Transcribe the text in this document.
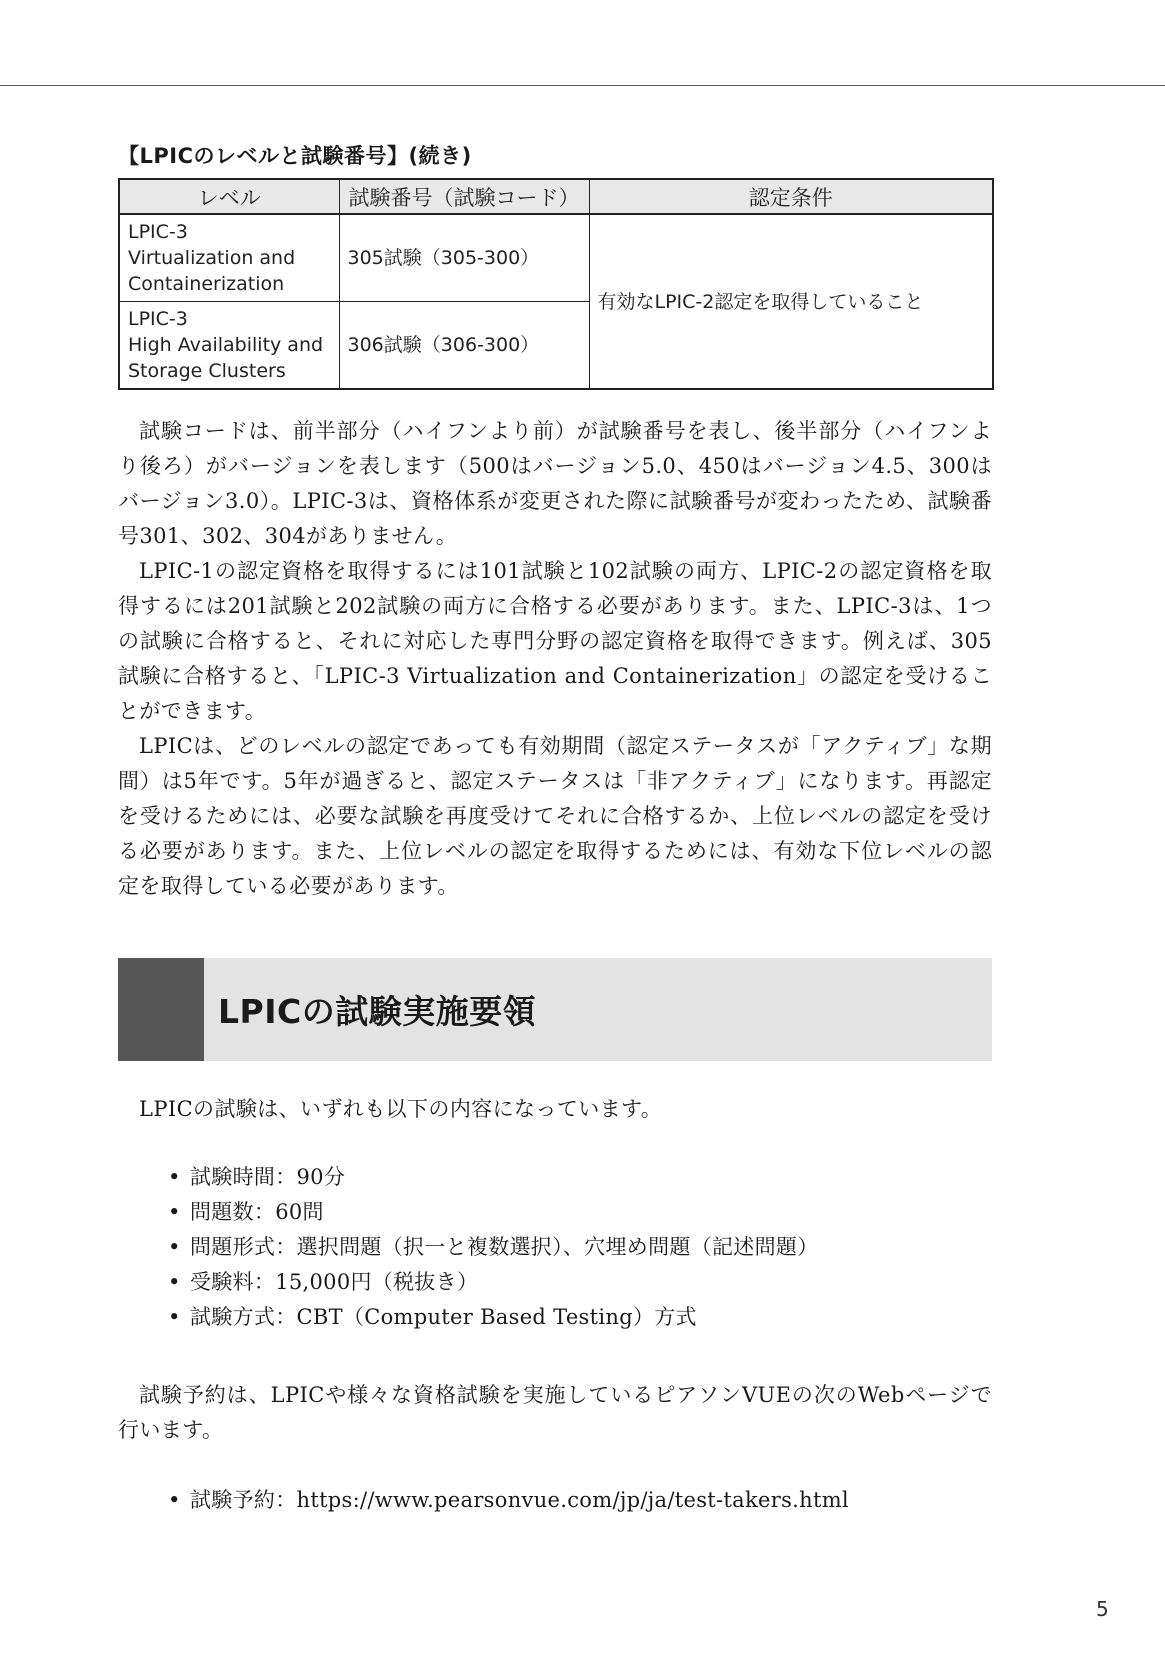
【LPICのレベルと試験番号】(続き)
レベル	試験番号（試験コード）	認定条件

LPIC-3
Virtualization and
Containerization	305試験（305-300）	有効なLPIC-2認定を取得していること

LPIC-3
High Availability and
Storage Clusters	306試験（306-300）	

試験コードは、前半部分（ハイフンより前）が試験番号を表し、後半部分（ハイフンより後ろ）がバージョンを表します（500はバージョン5.0、450はバージョン4.5、300はバージョン3.0）。LPIC-3は、資格体系が変更された際に試験番号が変わったため、試験番号301、302、304がありません。

LPIC-1の認定資格を取得するには101試験と102試験の両方、LPIC-2の認定資格を取得するには201試験と202試験の両方に合格する必要があります。また、LPIC-3は、1つの試験に合格すると、それに対応した専門分野の認定資格を取得できます。例えば、305試験に合格すると、「LPIC-3 Virtualization and Containerization」の認定を受けることができます。

LPICは、どのレベルの認定であっても有効期間（認定ステータスが「アクティブ」な期間）は5年です。5年が過ぎると、認定ステータスは「非アクティブ」になります。再認定を受けるためには、必要な試験を再度受けてそれに合格するか、上位レベルの認定を受ける必要があります。また、上位レベルの認定を取得するためには、有効な下位レベルの認定を取得している必要があります。

LPICの試験実施要領
LPICの試験は、いずれも以下の内容になっています。
• 試験時間：90分
• 問題数：60問
• 問題形式：選択問題（択一と複数選択）、穴埋め問題（記述問題）
• 受験料：15,000円（税抜き）
• 試験方式：CBT（Computer Based Testing）方式

試験予約は、LPICや様々な資格試験を実施しているピアソンVUEの次のWebページで行います。

• 試験予約：https://www.pearsonvue.com/jp/ja/test-takers.html
5
